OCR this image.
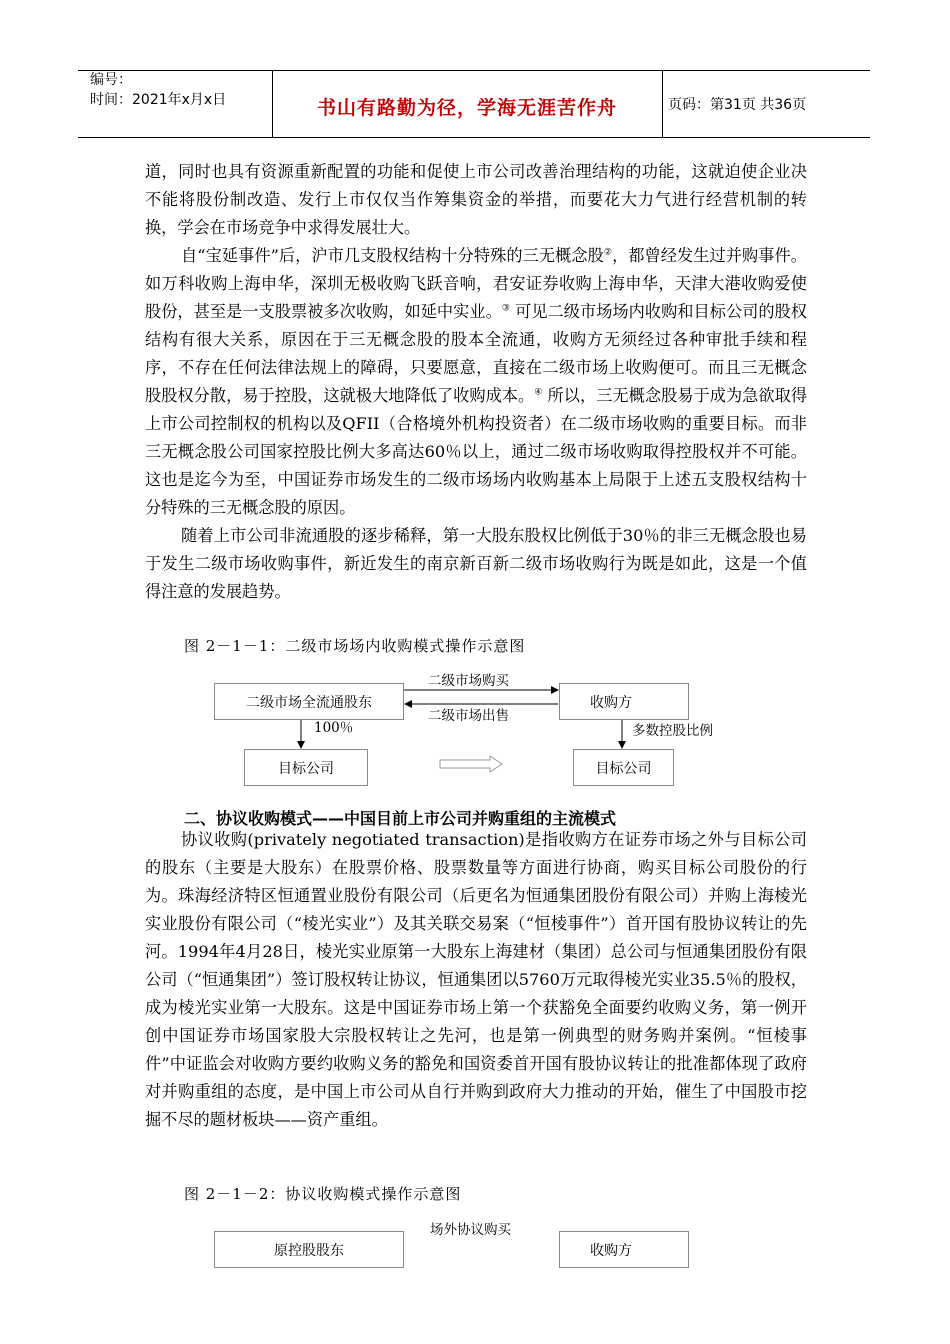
编号：
时间：2021年x月x日	书山有路勤为径，学海无涯苦作舟	页码：第31页 共36页

道，同时也具有资源重新配置的功能和促使上市公司改善治理结构的功能，这就迫使企业决不能将股份制改造、发行上市仅仅当作筹集资金的举措，而要花大力气进行经营机制的转换，学会在市场竞争中求得发展壮大。

自“宝延事件”后，沪市几支股权结构十分特殊的三无概念股②，都曾经发生过并购事件。如万科收购上海申华，深圳无极收购飞跃音响，君安证券收购上海申华，天津大港收购爱使股份，甚至是一支股票被多次收购，如延中实业。③ 可见二级市场场内收购和目标公司的股权结构有很大关系，原因在于三无概念股的股本全流通，收购方无须经过各种审批手续和程序，不存在任何法律法规上的障碍，只要愿意，直接在二级市场上收购便可。而且三无概念股股权分散，易于控股，这就极大地降低了收购成本。④ 所以，三无概念股易于成为急欲取得上市公司控制权的机构以及QFII（合格境外机构投资者）在二级市场收购的重要目标。而非三无概念股公司国家控股比例大多高达60％以上，通过二级市场收购取得控股权并不可能。这也是迄今为至，中国证券市场发生的二级市场场内收购基本上局限于上述五支股权结构十分特殊的三无概念股的原因。

随着上市公司非流通股的逐步稀释，第一大股东股权比例低于30％的非三无概念股也易于发生二级市场收购事件，新近发生的南京新百新二级市场收购行为既是如此，这是一个值得注意的发展趋势。

图 2－1－1：二级市场场内收购模式操作示意图
二级市场全流通股东	收购方
二级市场购买
二级市场出售
100％	多数控股比例
目标公司	目标公司
二、协议收购模式——中国目前上市公司并购重组的主流模式

协议收购(privately negotiated transaction)是指收购方在证券市场之外与目标公司的股东（主要是大股东）在股票价格、股票数量等方面进行协商，购买目标公司股份的行为。珠海经济特区恒通置业股份有限公司（后更名为恒通集团股份有限公司）并购上海棱光实业股份有限公司（“棱光实业”）及其关联交易案（“恒棱事件”）首开国有股协议转让的先河。1994年4月28日，棱光实业原第一大股东上海建材（集团）总公司与恒通集团股份有限公司（“恒通集团”）签订股权转让协议，恒通集团以5760万元取得棱光实业35.5％的股权，成为棱光实业第一大股东。这是中国证券市场上第一个获豁免全面要约收购义务，第一例开创中国证券市场国家股大宗股权转让之先河，也是第一例典型的财务购并案例。“恒棱事件”中证监会对收购方要约收购义务的豁免和国资委首开国有股协议转让的批准都体现了政府对并购重组的态度，是中国上市公司从自行并购到政府大力推动的开始，催生了中国股市挖掘不尽的题材板块——资产重组。

图 2－1－2：协议收购模式操作示意图
场外协议购买
原控股股东	收购方
